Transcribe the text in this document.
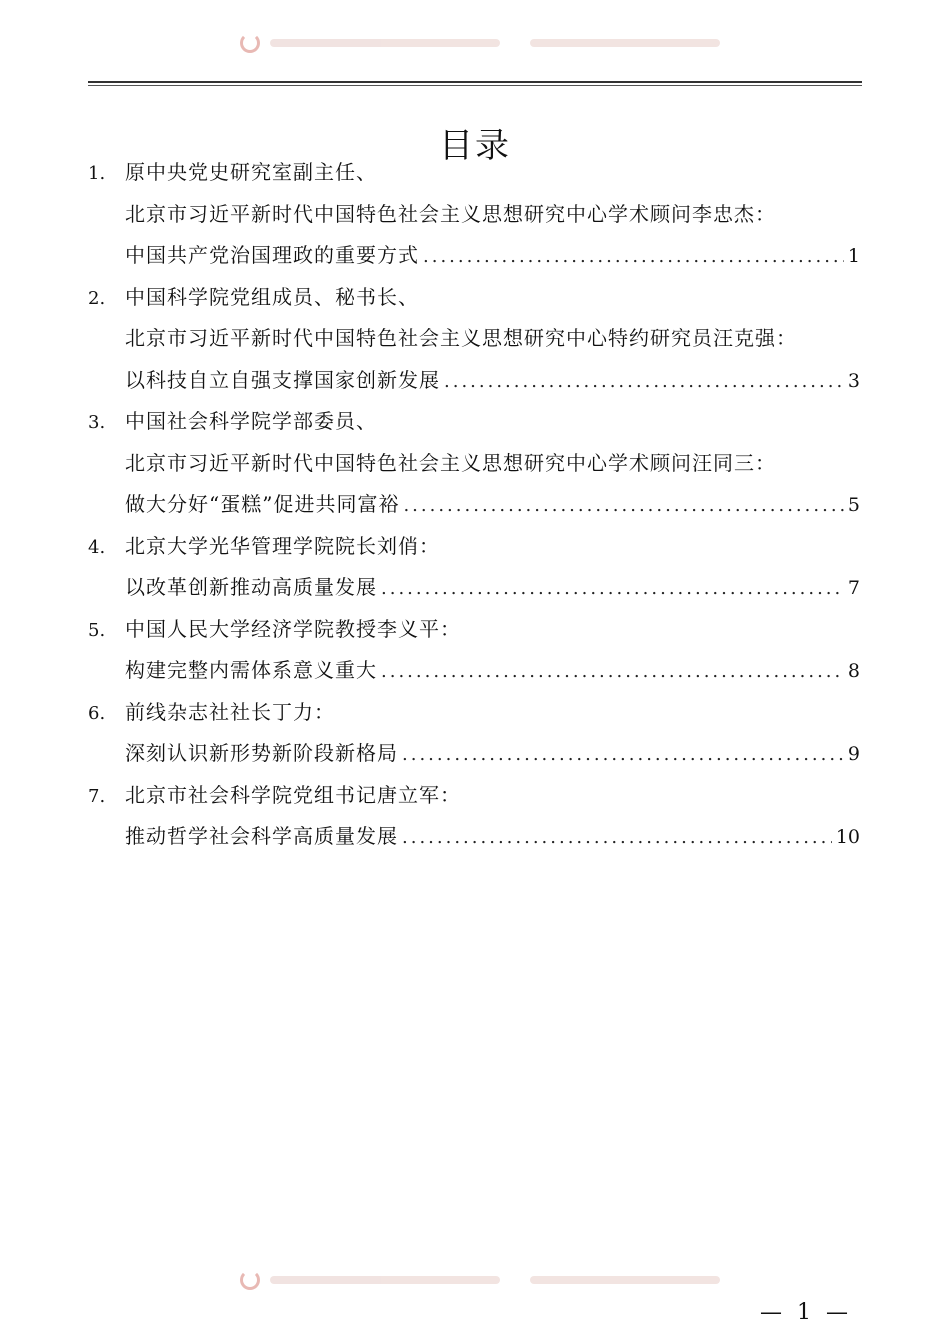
目录
1. 原中央党史研究室副主任、
北京市习近平新时代中国特色社会主义思想研究中心学术顾问李忠杰：
中国共产党治国理政的重要方式 .....	1
2. 中国科学院党组成员、秘书长、
北京市习近平新时代中国特色社会主义思想研究中心特约研究员汪克强：
以科技自立自强支撑国家创新发展 .....	3
3. 中国社会科学院学部委员、
北京市习近平新时代中国特色社会主义思想研究中心学术顾问汪同三：
做大分好“蛋糕”促进共同富裕 .....	5
4. 北京大学光华管理学院院长刘俏：
以改革创新推动高质量发展 .....	7
5. 中国人民大学经济学院教授李义平：
构建完整内需体系意义重大 .....	8
6. 前线杂志社社长丁力：
深刻认识新形势新阶段新格局 .....	9
7. 北京市社会科学院党组书记唐立军：
推动哲学社会科学高质量发展 .....	10
— 1 —
